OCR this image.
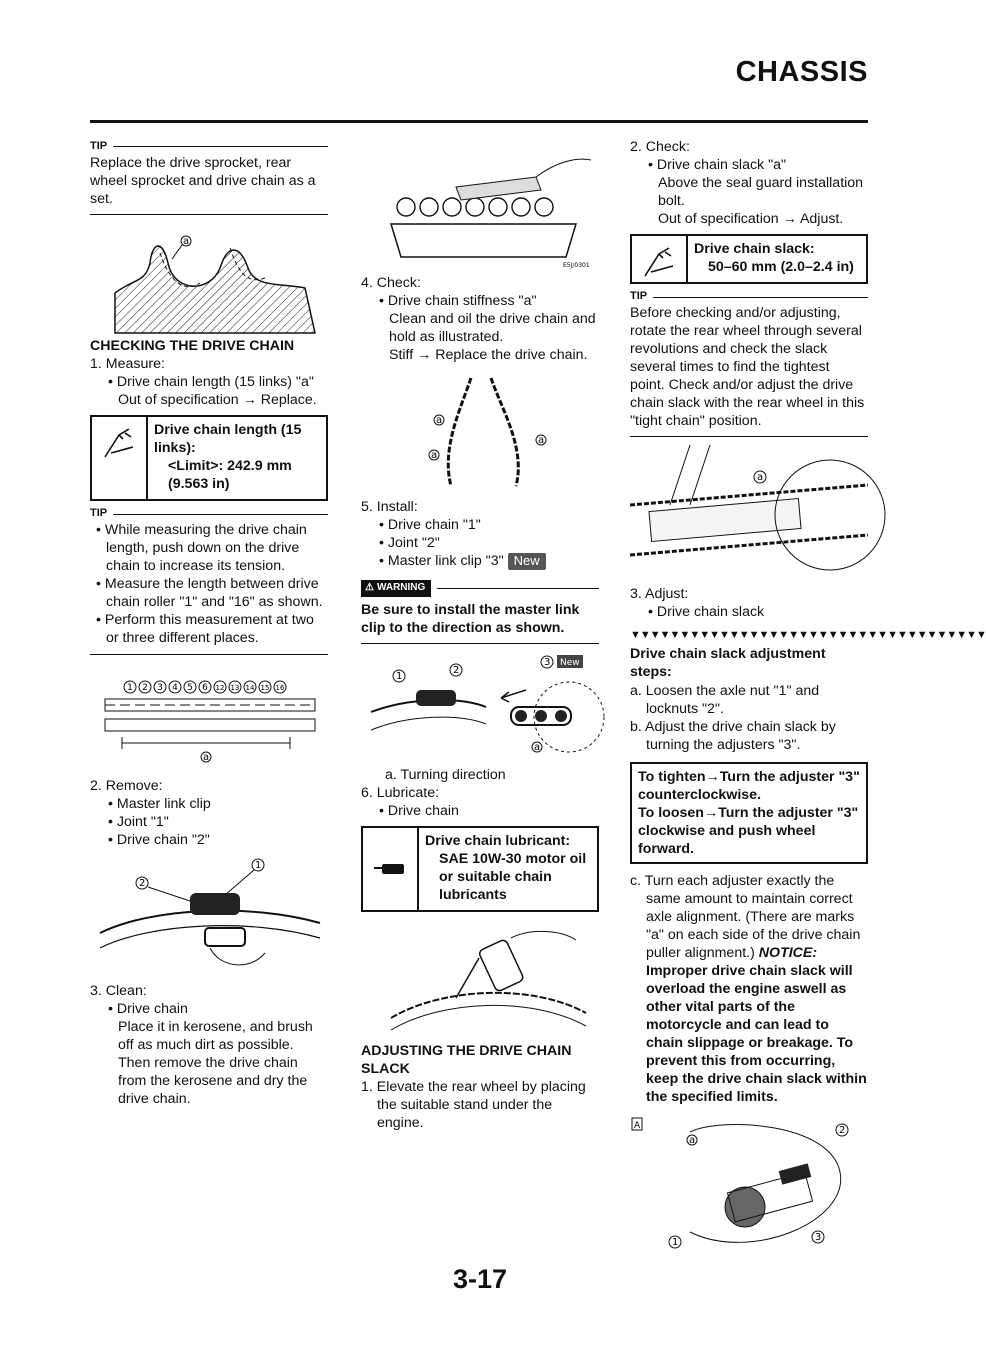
CHASSIS
TIP

Replace the drive sprocket, rear wheel sprocket and drive chain as a set.

a
CHECKING THE DRIVE CHAIN

1. Measure:

• Drive chain length (15 links) "a"

Out of specification → Replace.

Drive chain length (15 links):
<Limit>: 242.9 mm (9.563 in)
TIP
• While measuring the drive chain length, push down on the drive chain to increase its tension.
• Measure the length between drive chain roller "1" and "16" as shown.
• Perform this measurement at two or three different places.
1 2 3 4 5 6 12 13 14 15 16
a

2. Remove:

• Master link clip

• Joint "1"

• Drive chain "2"

2
1

3. Clean:

• Drive chain

Place it in kerosene, and brush off as much dirt as possible. Then remove the drive chain from the kerosene and dry the drive chain.

E5J/0301

4. Check:

• Drive chain stiffness "a"

Clean and oil the drive chain and hold as illustrated.

Stiff → Replace the drive chain.

a
a
a

5. Install:

• Drive chain "1"

• Joint "2"

• Master link clip "3" New

⚠ WARNING

Be sure to install the master link clip to the direction as shown.

1
2
3 New
a

a. Turning direction

6. Lubricate:

• Drive chain

Drive chain lubricant:
SAE 10W-30 motor oil or suitable chain lubricants
ADJUSTING THE DRIVE CHAIN SLACK

1. Elevate the rear wheel by placing the suitable stand under the engine.

2. Check:

• Drive chain slack "a"

Above the seal guard installation bolt.

Out of specification → Adjust.

Drive chain slack:
50–60 mm (2.0–2.4 in)
TIP

Before checking and/or adjusting, rotate the rear wheel through several revolutions and check the slack several times to find the tightest point. Check and/or adjust the drive chain slack with the rear wheel in this "tight chain" position.

a

3. Adjust:

• Drive chain slack

▼▼▼▼▼▼▼▼▼▼▼▼▼▼▼▼▼▼▼▼▼▼▼▼▼▼▼▼▼▼▼▼▼▼▼▼
Drive chain slack adjustment steps:

a. Loosen the axle nut "1" and locknuts "2".

b. Adjust the drive chain slack by turning the adjusters "3".

To tighten→Turn the adjuster "3" counterclockwise.
To loosen→Turn the adjuster "3" clockwise and push wheel forward.

c. Turn each adjuster exactly the same amount to maintain correct axle alignment. (There are marks "a" on each side of the drive chain puller alignment.) NOTICE: Improper drive chain slack will overload the engine aswell as other vital parts of the motorcycle and can lead to chain slippage or breakage. To prevent this from occurring, keep the drive chain slack within the specified limits.

A
a
2
1	3
3-17
